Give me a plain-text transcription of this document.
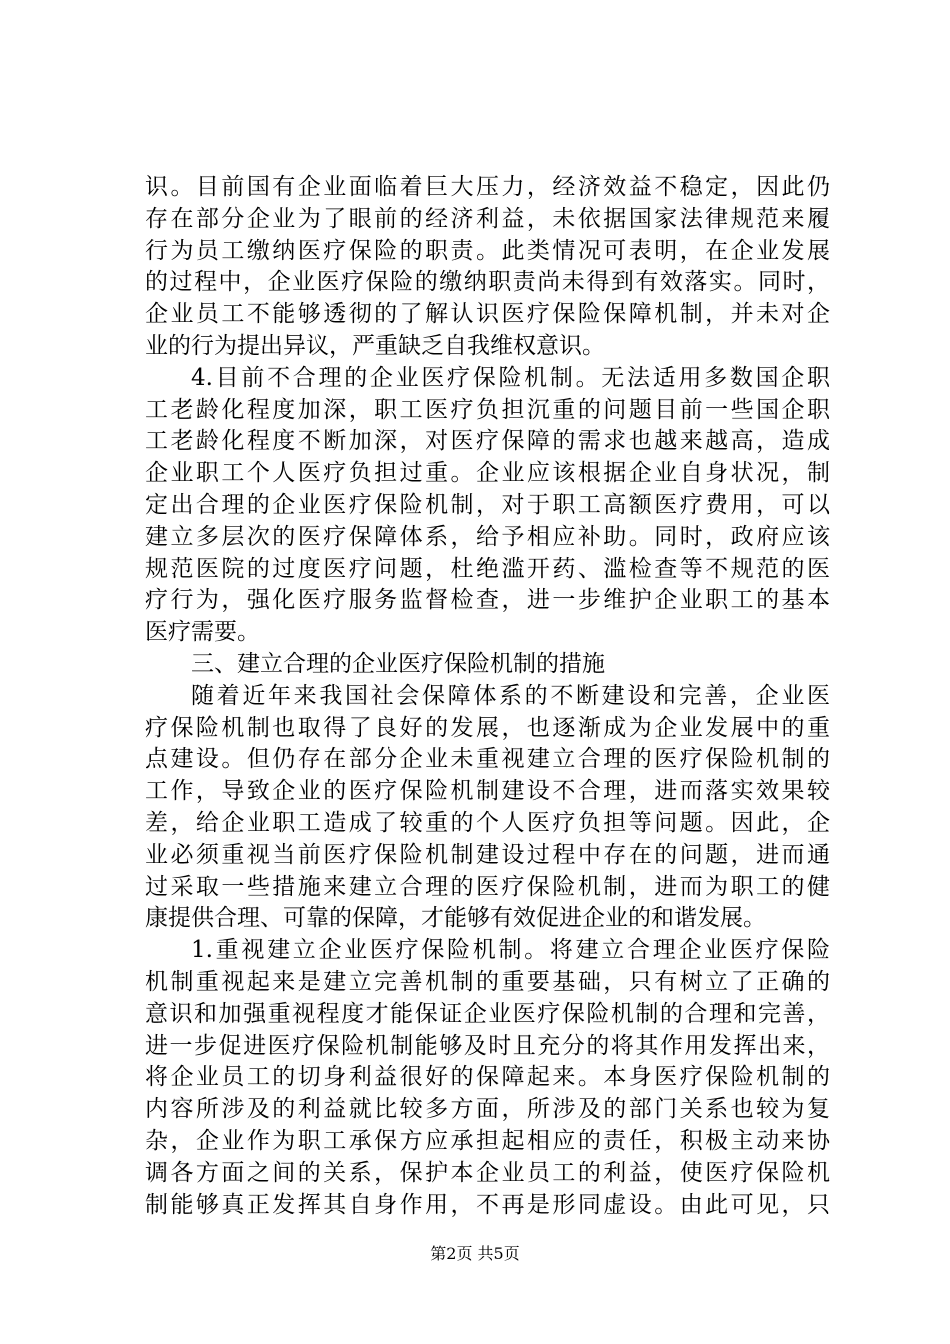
识。目前国有企业面临着巨大压力，经济效益不稳定，因此仍
存在部分企业为了眼前的经济利益，未依据国家法律规范来履
行为员工缴纳医疗保险的职责。此类情况可表明，在企业发展
的过程中，企业医疗保险的缴纳职责尚未得到有效落实。同时，
企业员工不能够透彻的了解认识医疗保险保障机制，并未对企
业的行为提出异议，严重缺乏自我维权意识。
4.目前不合理的企业医疗保险机制。无法适用多数国企职
工老龄化程度加深，职工医疗负担沉重的问题目前一些国企职
工老龄化程度不断加深，对医疗保障的需求也越来越高，造成
企业职工个人医疗负担过重。企业应该根据企业自身状况，制
定出合理的企业医疗保险机制，对于职工高额医疗费用，可以
建立多层次的医疗保障体系，给予相应补助。同时，政府应该
规范医院的过度医疗问题，杜绝滥开药、滥检查等不规范的医
疗行为，强化医疗服务监督检查，进一步维护企业职工的基本
医疗需要。
三、建立合理的企业医疗保险机制的措施
随着近年来我国社会保障体系的不断建设和完善，企业医
疗保险机制也取得了良好的发展，也逐渐成为企业发展中的重
点建设。但仍存在部分企业未重视建立合理的医疗保险机制的
工作，导致企业的医疗保险机制建设不合理，进而落实效果较
差，给企业职工造成了较重的个人医疗负担等问题。因此，企
业必须重视当前医疗保险机制建设过程中存在的问题，进而通
过采取一些措施来建立合理的医疗保险机制，进而为职工的健
康提供合理、可靠的保障，才能够有效促进企业的和谐发展。
1.重视建立企业医疗保险机制。将建立合理企业医疗保险
机制重视起来是建立完善机制的重要基础，只有树立了正确的
意识和加强重视程度才能保证企业医疗保险机制的合理和完善，
进一步促进医疗保险机制能够及时且充分的将其作用发挥出来，
将企业员工的切身利益很好的保障起来。本身医疗保险机制的
内容所涉及的利益就比较多方面，所涉及的部门关系也较为复
杂，企业作为职工承保方应承担起相应的责任，积极主动来协
调各方面之间的关系，保护本企业员工的利益，使医疗保险机
制能够真正发挥其自身作用，不再是形同虚设。由此可见，只
第2页 共5页
